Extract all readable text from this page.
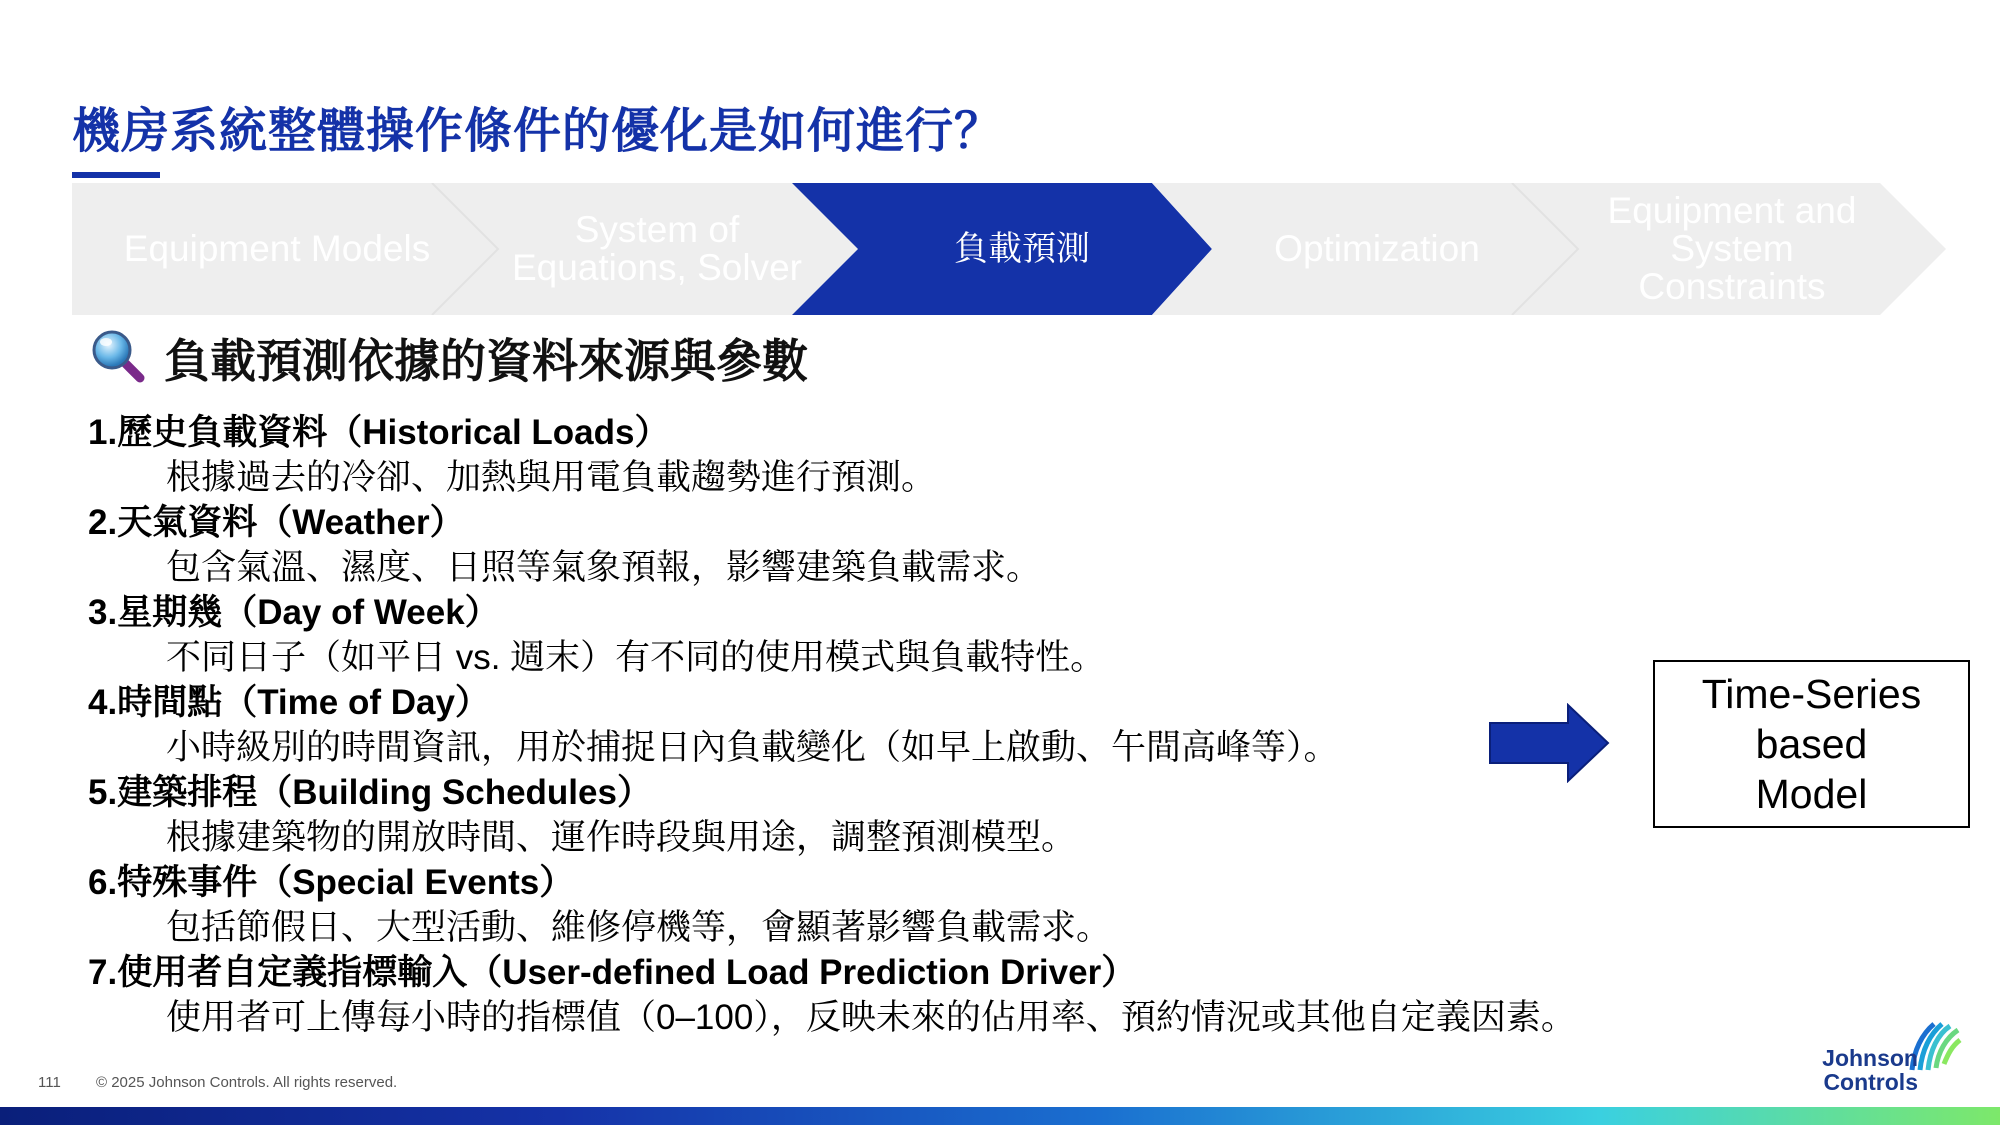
機房系統整體操作條件的優化是如何進行？
Equipment Models	System of Equations, Solver	負載預測	Optimization
Equipment and System Constraints
負載預測依據的資料來源與參數
1.歷史負載資料（Historical Loads）
根據過去的冷卻、加熱與用電負載趨勢進行預測。
2.天氣資料（Weather）
包含氣溫、濕度、日照等氣象預報，影響建築負載需求。
3.星期幾（Day of Week）
不同日子（如平日 vs. 週末）有不同的使用模式與負載特性。
4.時間點（Time of Day）
小時級別的時間資訊，用於捕捉日內負載變化（如早上啟動、午間高峰等）。
5.建築排程（Building Schedules）
根據建築物的開放時間、運作時段與用途，調整預測模型。
6.特殊事件（Special Events）
包括節假日、大型活動、維修停機等，會顯著影響負載需求。
7.使用者自定義指標輸入（User-defined Load Prediction Driver）
使用者可上傳每小時的指標值（0–100），反映未來的佔用率、預約情況或其他自定義因素。
Time-Series
based
Model
111 © 2025 Johnson Controls. All rights reserved.
Johnson
Controls
